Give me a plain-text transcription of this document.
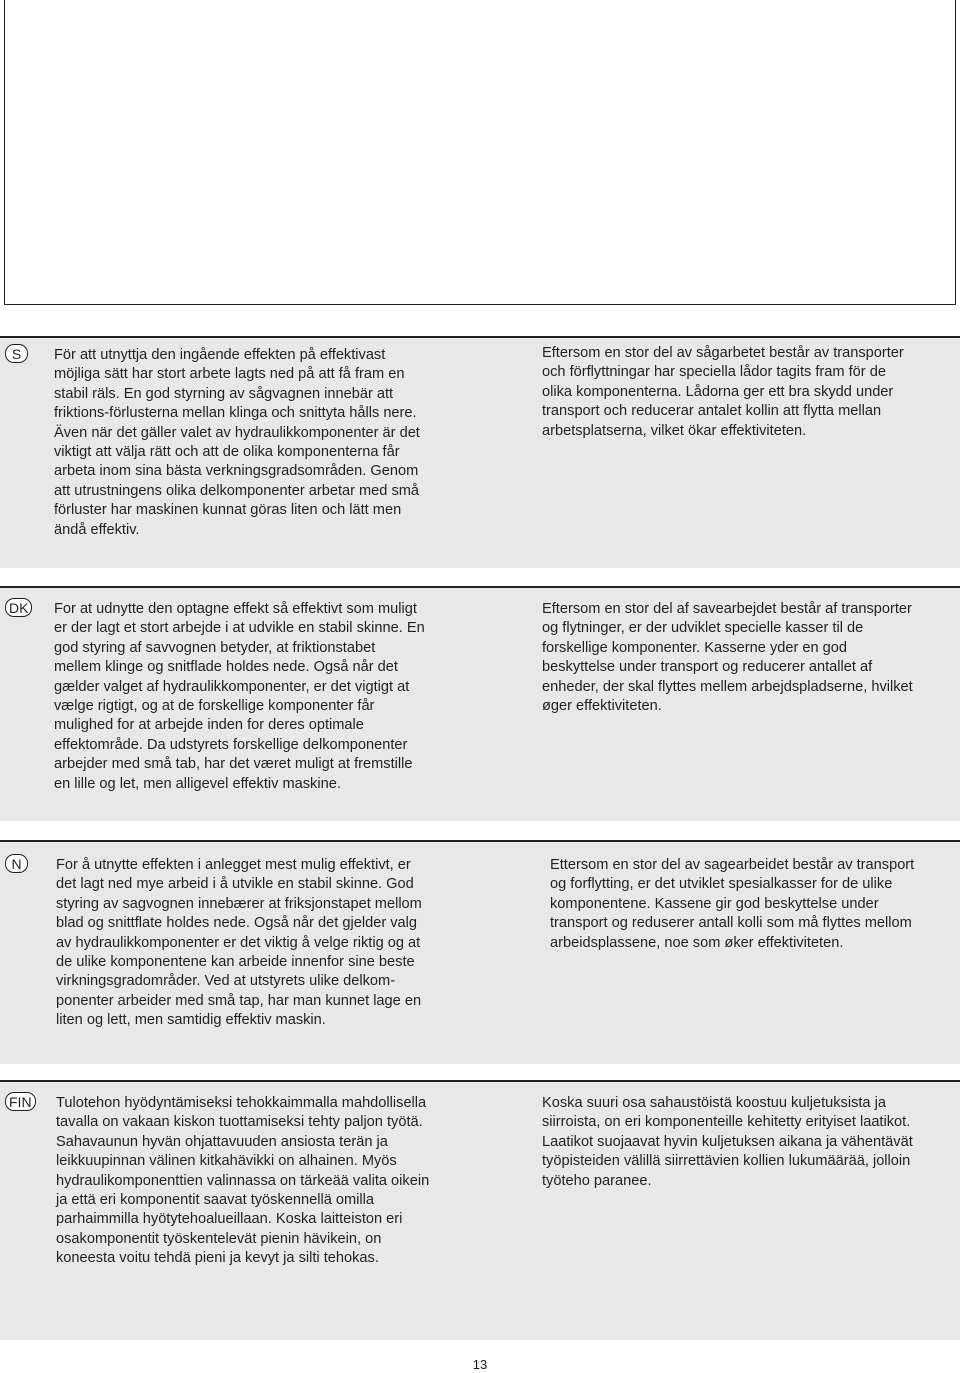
S	För att utnyttja den ingående effekten på effektivast
möjliga sätt har stort arbete lagts ned på att få fram en
stabil räls. En god styrning av sågvagnen innebär att
friktions-förlusterna mellan klinga och snittyta hålls nere.
Även när det gäller valet av hydraulikkomponenter är det
viktigt att välja rätt och att de olika komponenterna får
arbeta inom sina bästa verkningsgradsområden. Genom
att utrustningens olika delkomponenter arbetar med små
förluster har maskinen kunnat göras liten och lätt men
ändå effektiv.

Eftersom en stor del av sågarbetet består av transporter
och förflyttningar har speciella lådor tagits fram för de
olika komponenterna. Lådorna ger ett bra skydd under
transport och reducerar antalet kollin att flytta mellan
arbetsplatserna, vilket ökar effektiviteten.

DK For at udnytte den optagne effekt så effektivt som muligt
er der lagt et stort arbejde i at udvikle en stabil skinne. En
god styring af savvognen betyder, at friktionstabet
mellem klinge og snitflade holdes nede. Også når det
gælder valget af hydraulikkomponenter, er det vigtigt at
vælge rigtigt, og at de forskellige komponenter får
mulighed for at arbejde inden for deres optimale
effektområde. Da udstyrets forskellige delkomponenter
arbejder med små tab, har det været muligt at fremstille
en lille og let, men alligevel effektiv maskine.

Eftersom en stor del af savearbejdet består af transporter
og flytninger, er der udviklet specielle kasser til de
forskellige komponenter. Kasserne yder en god
beskyttelse under transport og reducerer antallet af
enheder, der skal flyttes mellem arbejdspladserne, hvilket
øger effektiviteten.

N	For å utnytte effekten i anlegget mest mulig effektivt, er
det lagt ned mye arbeid i å utvikle en stabil skinne. God
styring av sagvognen innebærer at friksjonstapet mellom
blad og snittflate holdes nede. Også når det gjelder valg
av hydraulikkomponenter er det viktig å velge riktig og at
de ulike komponentene kan arbeide innenfor sine beste
virkningsgradområder. Ved at utstyrets ulike delkom-
ponenter arbeider med små tap, har man kunnet lage en
liten og lett, men samtidig effektiv maskin.

Ettersom en stor del av sagearbeidet består av transport
og forflytting, er det utviklet spesialkasser for de ulike
komponentene. Kassene gir god beskyttelse under
transport og reduserer antall kolli som må flyttes mellom
arbeidsplassene, noe som øker effektiviteten.

FIN Tulotehon hyödyntämiseksi tehokkaimmalla mahdollisella
tavalla on vakaan kiskon tuottamiseksi tehty paljon työtä.
Sahavaunun hyvän ohjattavuuden ansiosta terän ja
leikkuupinnan välinen kitkahävikki on alhainen. Myös
hydraulikomponenttien valinnassa on tärkeää valita oikein
ja että eri komponentit saavat työskennellä omilla
parhaimmilla hyötytehoalueillaan. Koska laitteiston eri
osakomponentit työskentelevät pienin hävikein, on
koneesta voitu tehdä pieni ja kevyt ja silti tehokas.

Koska suuri osa sahaustöistä koostuu kuljetuksista ja
siirroista, on eri komponenteille kehitetty erityiset laatikot.
Laatikot suojaavat hyvin kuljetuksen aikana ja vähentävät
työpisteiden välillä siirrettävien kollien lukumäärää, jolloin
työteho paranee.

13
